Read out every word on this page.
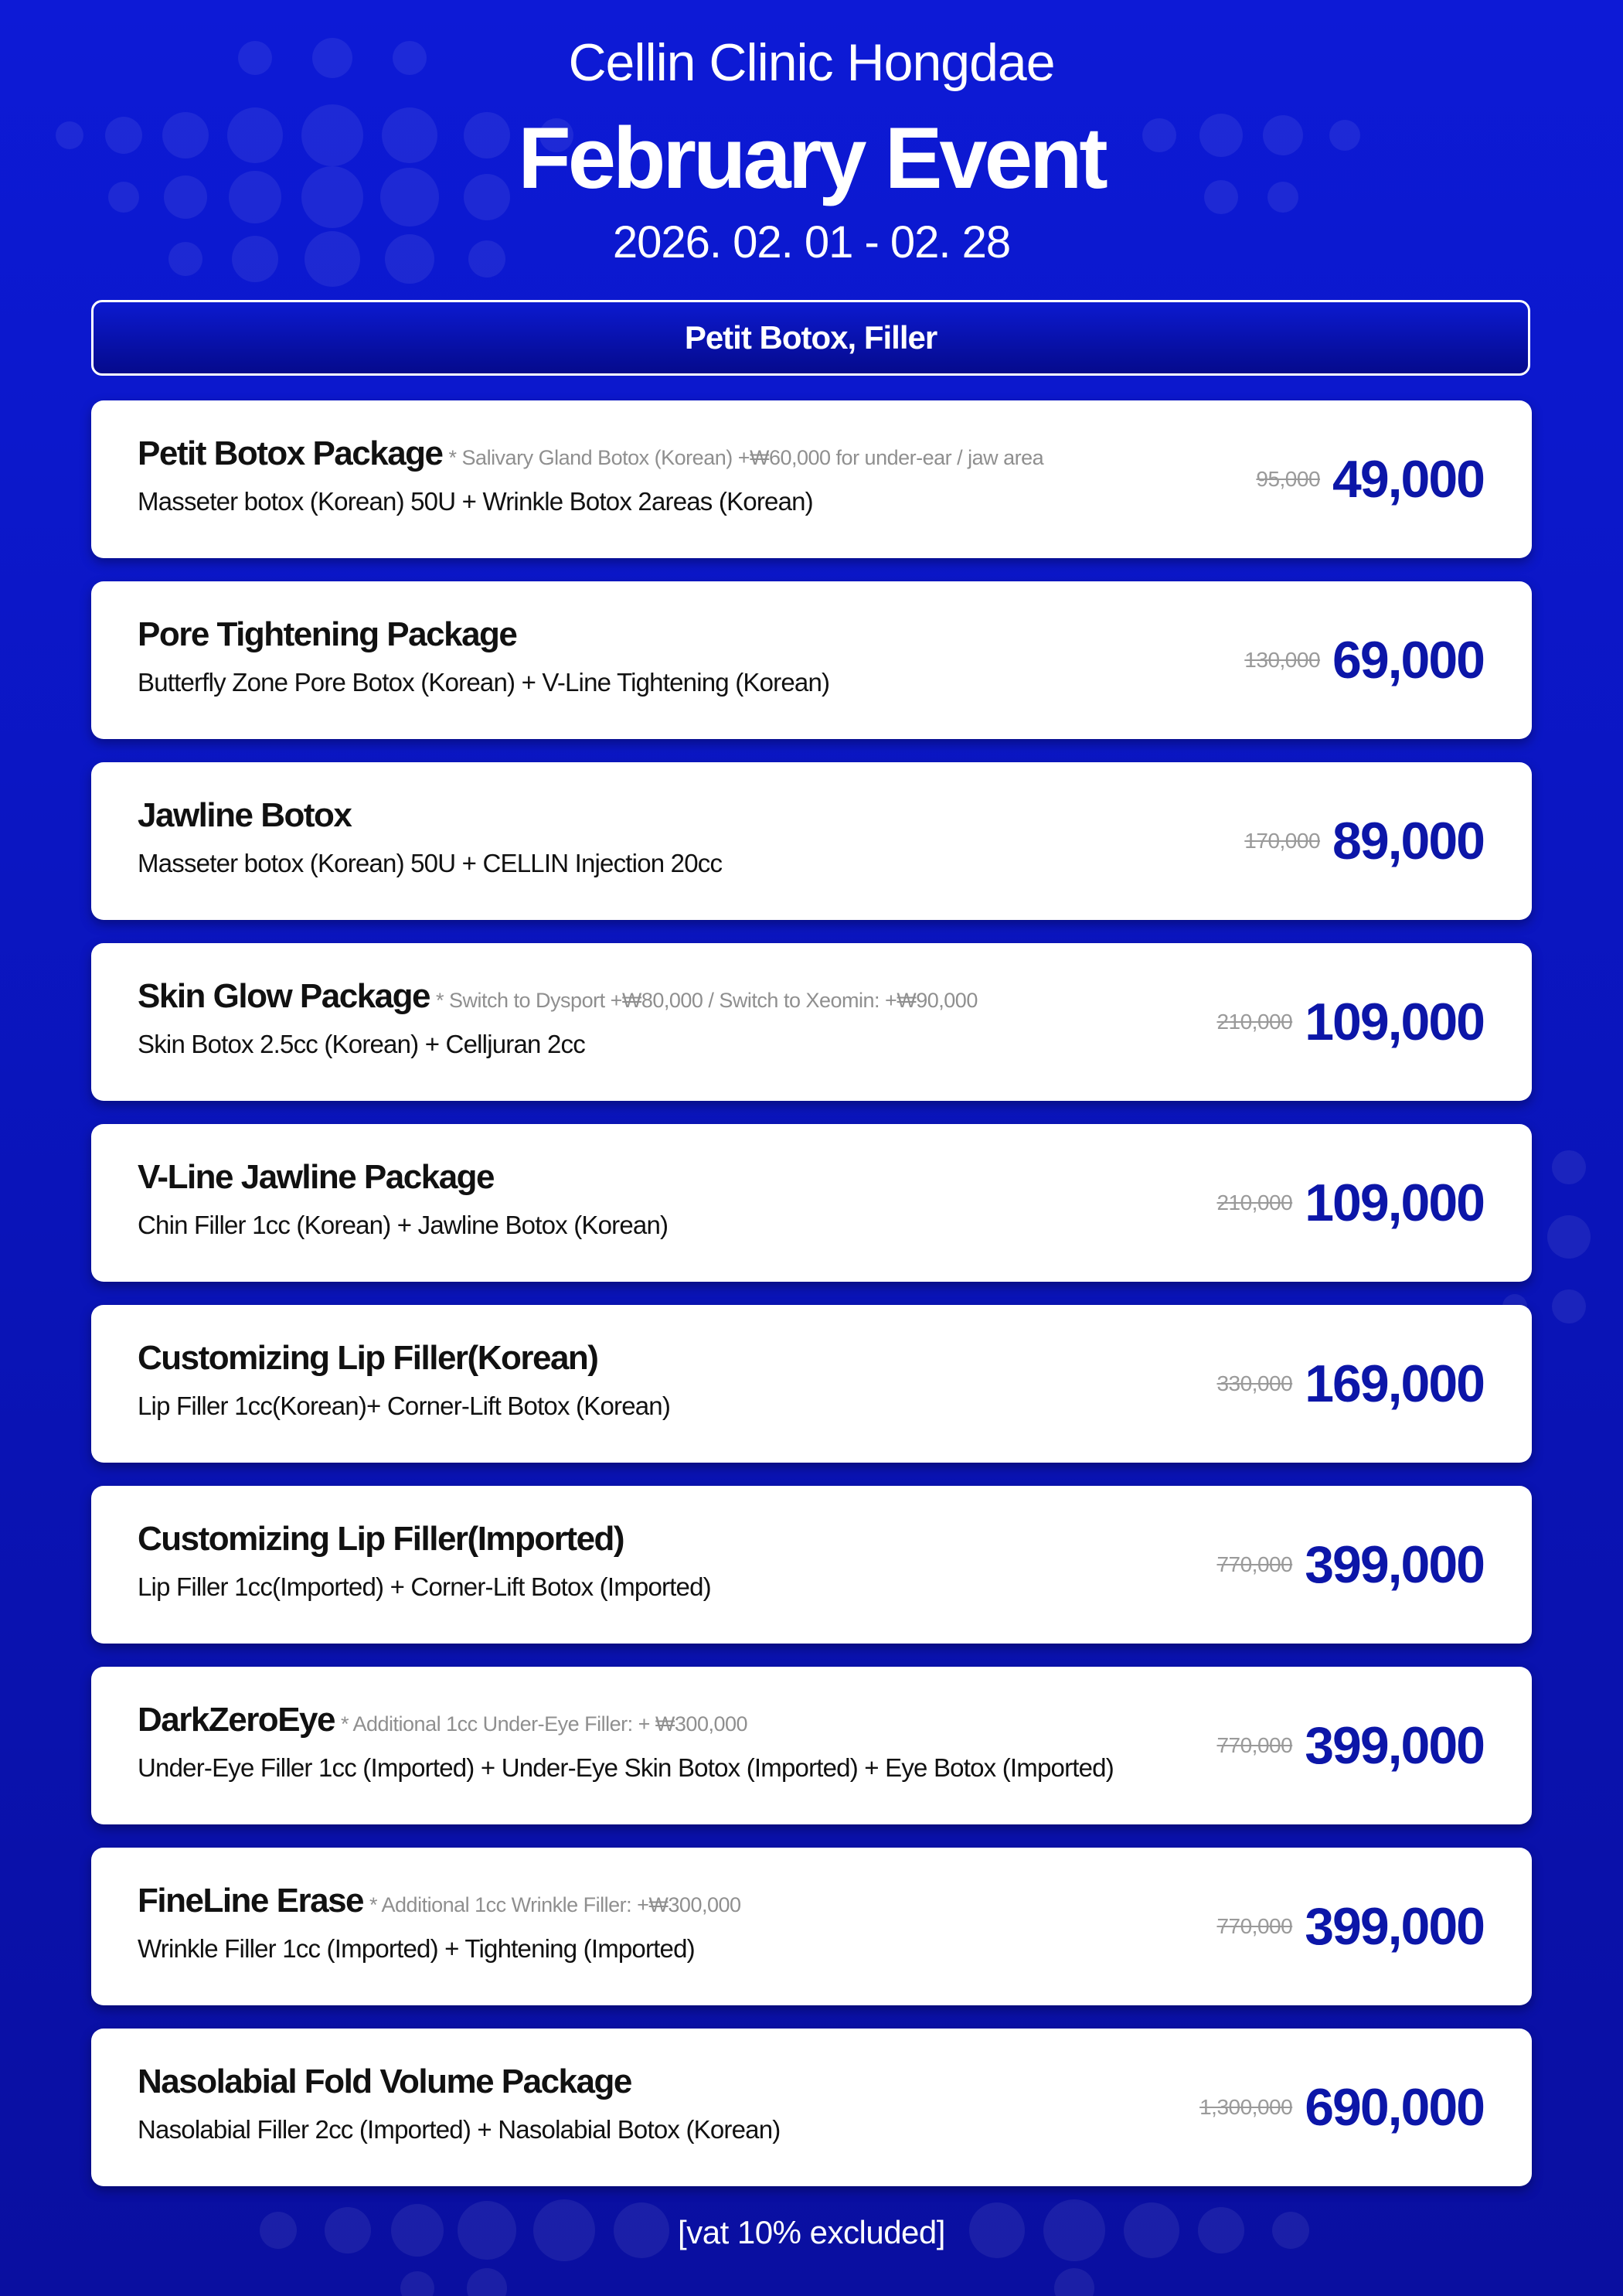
Cellin Clinic Hongdae
February Event
2026. 02. 01 - 02. 28
Petit Botox, Filler
Petit Botox Package * Salivary Gland Botox (Korean) +₩60,000 for under-ear / jaw area
Masseter botox (Korean) 50U + Wrinkle Botox 2areas (Korean)
95,000 49,000
Pore Tightening Package
Butterfly Zone Pore Botox (Korean) + V-Line Tightening (Korean)
130,000 69,000
Jawline Botox
Masseter botox (Korean) 50U + CELLIN Injection 20cc
170,000 89,000
Skin Glow Package * Switch to Dysport +₩80,000 / Switch to Xeomin: +₩90,000
Skin Botox 2.5cc (Korean) + Celljuran 2cc
210,000 109,000
V-Line Jawline Package
Chin Filler 1cc (Korean) + Jawline Botox (Korean)
210,000 109,000
Customizing Lip Filler(Korean)
Lip Filler 1cc(Korean)+ Corner-Lift Botox (Korean)
330,000 169,000
Customizing Lip Filler(Imported)
Lip Filler 1cc(Imported) + Corner-Lift Botox (Imported)
770,000 399,000
DarkZeroEye * Additional 1cc Under-Eye Filler: + ₩300,000
Under-Eye Filler 1cc (Imported) + Under-Eye Skin Botox (Imported) + Eye Botox (Imported)
770,000 399,000
FineLine Erase * Additional 1cc Wrinkle Filler: +₩300,000
Wrinkle Filler 1cc (Imported) + Tightening (Imported)
770,000 399,000
Nasolabial Fold Volume Package
Nasolabial Filler 2cc (Imported) + Nasolabial Botox (Korean)
1,300,000 690,000
[vat 10% excluded]
